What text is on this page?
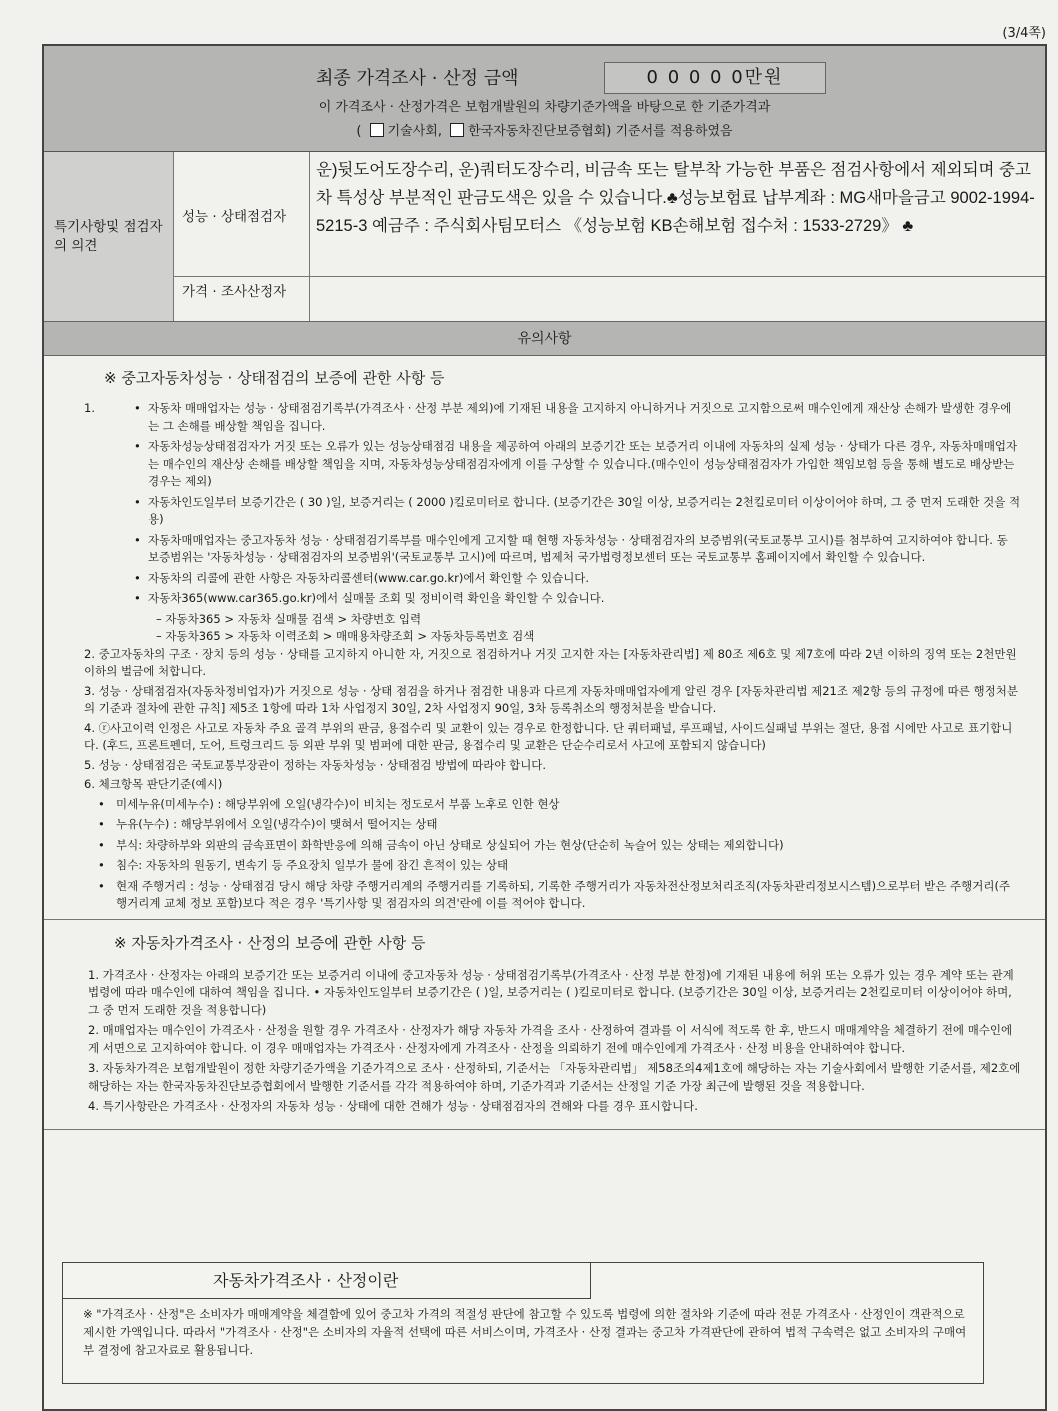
(3/4쪽)
최종 가격조사 · 산정 금액	0 0 0 0 0만원
이 가격조사 · 산정가격은 보험개발원의 차량기준가액을 바탕으로 한 기준가격과
( 기술사회, 한국자동차진단보증협회) 기준서를 적용하였음
특기사항및 점검자의 의견
성능 · 상태점검자
운)뒷도어도장수리, 운)쿼터도장수리, 비금속 또는 탈부착 가능한 부품은 점검사항에서 제외되며 중고차 특성상 부분적인 판금도색은 있을 수 있습니다.♣성능보험료 납부계좌 : MG새마을금고 9002-1994-5215-3 예금주 : 주식회사팀모터스 《성능보험 KB손해보험 접수처 : 1533-2729》 ♣
가격 · 조사산정자
유의사항
※ 중고자동차성능 · 상태점검의 보증에 관한 사항 등
1.
•	자동차 매매업자는 성능 · 상태점검기록부(가격조사 · 산정 부분 제외)에 기재된 내용을 고지하지 아니하거나 거짓으로 고지함으로써 매수인에게 재산상 손해가 발생한 경우에는 그 손해를 배상할 책임을 집니다.
• 자동차성능상태점검자가 거짓 또는 오류가 있는 성능상태점검 내용을 제공하여 아래의 보증기간 또는 보증거리 이내에 자동차의 실제 성능 · 상태가 다른 경우, 자동차매매업자는 매수인의 재산상 손해를 배상할 책임을 지며, 자동차성능상태점검자에게 이를 구상할 수 있습니다.(매수인이 성능상태점검자가 가입한 책임보험 등을 통해 별도로 배상받는 경우는 제외)
• 자동차인도일부터 보증기간은 ( 30 )일, 보증거리는 ( 2000 )킬로미터로 합니다. (보증기간은 30일 이상, 보증거리는 2천킬로미터 이상이어야 하며, 그 중 먼저 도래한 것을 적용)
• 자동차매매업자는 중고자동차 성능 · 상태점검기록부를 매수인에게 고지할 때 현행 자동차성능 · 상태점검자의 보증범위(국토교통부 고시)를 첨부하여 고지하여야 합니다. 동 보증범위는 '자동차성능 · 상태점검자의 보증범위'(국토교통부 고시)에 따르며, 법제처 국가법령정보센터 또는 국토교통부 홈페이지에서 확인할 수 있습니다.
• 자동차의 리콜에 관한 사항은 자동차리콜센터(www.car.go.kr)에서 확인할 수 있습니다.
• 자동차365(www.car365.go.kr)에서 실매물 조회 및 정비이력 확인을 확인할 수 있습니다.
– 자동차365 > 자동차 실매물 검색 > 차량번호 입력
– 자동차365 > 자동차 이력조회 > 매매용차량조회 > 자동차등록번호 검색
2. 중고자동차의 구조 · 장치 등의 성능 · 상태를 고지하지 아니한 자, 거짓으로 점검하거나 거짓 고지한 자는 [자동차관리법] 제 80조 제6호 및 제7호에 따라 2년 이하의 징역 또는 2천만원 이하의 벌금에 처합니다.
3. 성능 · 상태점검자(자동차정비업자)가 거짓으로 성능 · 상태 점검을 하거나 점검한 내용과 다르게 자동차매매업자에게 알린 경우 [자동차관리법 제21조 제2항 등의 규정에 따른 행정처분의 기준과 절차에 관한 규칙] 제5조 1항에 따라 1차 사업정지 30일, 2차 사업정지 90일, 3차 등록취소의 행정처분을 받습니다.
4. ⓡ사고이력 인정은 사고로 자동차 주요 골격 부위의 판금, 용접수리 및 교환이 있는 경우로 한정합니다. 단 쿼터패널, 루프패널, 사이드실패널 부위는 절단, 용접 시에만 사고로 표기합니다. (후드, 프론트펜더, 도어, 트렁크리드 등 외판 부위 및 범퍼에 대한 판금, 용접수리 및 교환은 단순수리로서 사고에 포함되지 않습니다)
5. 성능 · 상태점검은 국토교통부장관이 정하는 자동차성능 · 상태점검 방법에 따라야 합니다.
6. 체크항목 판단기준(예시)
• 미세누유(미세누수) : 해당부위에 오일(냉각수)이 비치는 정도로서 부품 노후로 인한 현상
• 누유(누수) : 해당부위에서 오일(냉각수)이 맺혀서 떨어지는 상태
• 부식: 차량하부와 외판의 금속표면이 화학반응에 의해 금속이 아닌 상태로 상실되어 가는 현상(단순히 녹슬어 있는 상태는 제외합니다)
• 침수: 자동차의 원동기, 변속기 등 주요장치 일부가 물에 잠긴 흔적이 있는 상태
• 현재 주행거리 : 성능 · 상태점검 당시 해당 차량 주행거리계의 주행거리를 기록하되, 기록한 주행거리가 자동차전산정보처리조직(자동차관리정보시스템)으로부터 받은 주행거리(주행거리계 교체 정보 포함)보다 적은 경우 '특기사항 및 점검자의 의견'란에 이를 적어야 합니다.
※ 자동차가격조사 · 산정의 보증에 관한 사항 등
1. 가격조사 · 산정자는 아래의 보증기간 또는 보증거리 이내에 중고자동차 성능 · 상태점검기록부(가격조사 · 산정 부분 한정)에 기재된 내용에 허위 또는 오류가 있는 경우 계약 또는 관계법령에 따라 매수인에 대하여 책임을 집니다. • 자동차인도일부터 보증기간은 ( )일, 보증거리는 ( )킬로미터로 합니다. (보증기간은 30일 이상, 보증거리는 2천킬로미터 이상이어야 하며, 그 중 먼저 도래한 것을 적용합니다)
2. 매매업자는 매수인이 가격조사 · 산정을 원할 경우 가격조사 · 산정자가 해당 자동차 가격을 조사 · 산정하여 결과를 이 서식에 적도록 한 후, 반드시 매매계약을 체결하기 전에 매수인에게 서면으로 고지하여야 합니다. 이 경우 매매업자는 가격조사 · 산정자에게 가격조사 · 산정을 의뢰하기 전에 매수인에게 가격조사 · 산정 비용을 안내하여야 합니다.
3. 자동차가격은 보험개발원이 정한 차량기준가액을 기준가격으로 조사 · 산정하되, 기준서는 「자동차관리법」 제58조의4제1호에 해당하는 자는 기술사회에서 발행한 기준서를, 제2호에 해당하는 자는 한국자동차진단보증협회에서 발행한 기준서를 각각 적용하여야 하며, 기준가격과 기준서는 산정일 기준 가장 최근에 발행된 것을 적용합니다.
4. 특기사항란은 가격조사 · 산정자의 자동차 성능 · 상태에 대한 견해가 성능 · 상태점검자의 견해와 다를 경우 표시합니다.
자동차가격조사 · 산정이란
※ "가격조사 · 산정"은 소비자가 매매계약을 체결함에 있어 중고차 가격의 적절성 판단에 참고할 수 있도록 법령에 의한 절차와 기준에 따라 전문 가격조사 · 산정인이 객관적으로 제시한 가액입니다. 따라서 "가격조사 · 산정"은 소비자의 자율적 선택에 따른 서비스이며, 가격조사 · 산정 결과는 중고차 가격판단에 관하여 법적 구속력은 없고 소비자의 구매여부 결정에 참고자료로 활용됩니다.
